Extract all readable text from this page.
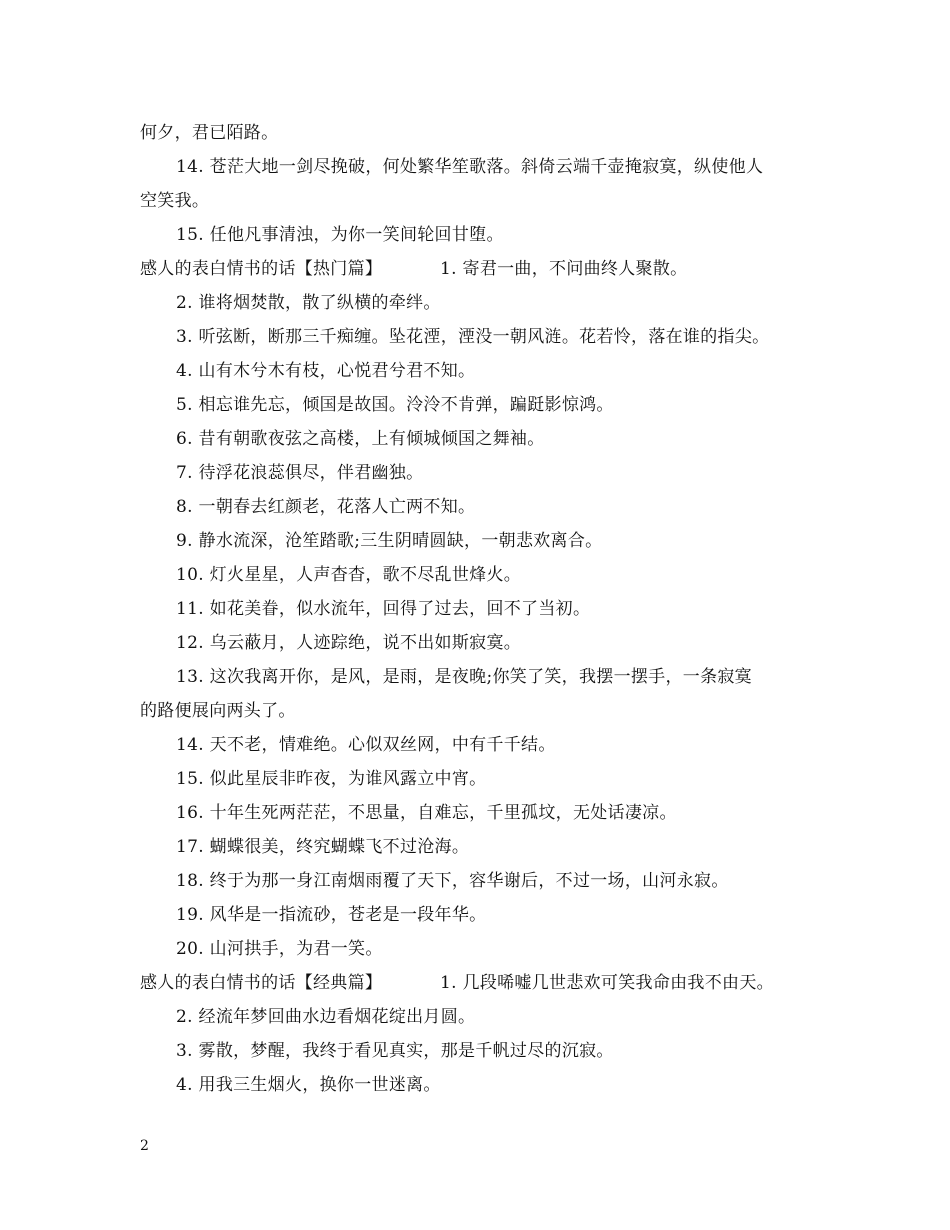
何夕，君已陌路。
14. 苍茫大地一剑尽挽破，何处繁华笙歌落。斜倚云端千壶掩寂寞，纵使他人
空笑我。
15. 任他凡事清浊，为你一笑间轮回甘堕。
感人的表白情书的话【热门篇】	1. 寄君一曲，不问曲终人聚散。
2. 谁将烟焚散，散了纵横的牵绊。
3. 听弦断，断那三千痴缠。坠花湮，湮没一朝风涟。花若怜，落在谁的指尖。
4. 山有木兮木有枝，心悦君兮君不知。
5. 相忘谁先忘，倾国是故国。泠泠不肯弹，蹁跹影惊鸿。
6. 昔有朝歌夜弦之高楼，上有倾城倾国之舞袖。
7. 待浮花浪蕊俱尽，伴君幽独。
8. 一朝春去红颜老，花落人亡两不知。
9. 静水流深，沧笙踏歌;三生阴晴圆缺，一朝悲欢离合。
10. 灯火星星，人声杳杳，歌不尽乱世烽火。
11. 如花美眷，似水流年，回得了过去，回不了当初。
12. 乌云蔽月，人迹踪绝，说不出如斯寂寞。
13. 这次我离开你，是风，是雨，是夜晚;你笑了笑，我摆一摆手，一条寂寞
的路便展向两头了。
14. 天不老，情难绝。心似双丝网，中有千千结。
15. 似此星辰非昨夜，为谁风露立中宵。
16. 十年生死两茫茫，不思量，自难忘，千里孤坟，无处话凄凉。
17. 蝴蝶很美，终究蝴蝶飞不过沧海。
18. 终于为那一身江南烟雨覆了天下，容华谢后，不过一场，山河永寂。
19. 风华是一指流砂，苍老是一段年华。
20. 山河拱手，为君一笑。
感人的表白情书的话【经典篇】	1. 几段唏嘘几世悲欢可笑我命由我不由天。
2. 经流年梦回曲水边看烟花绽出月圆。
3. 雾散，梦醒，我终于看见真实，那是千帆过尽的沉寂。
4. 用我三生烟火，换你一世迷离。
2
